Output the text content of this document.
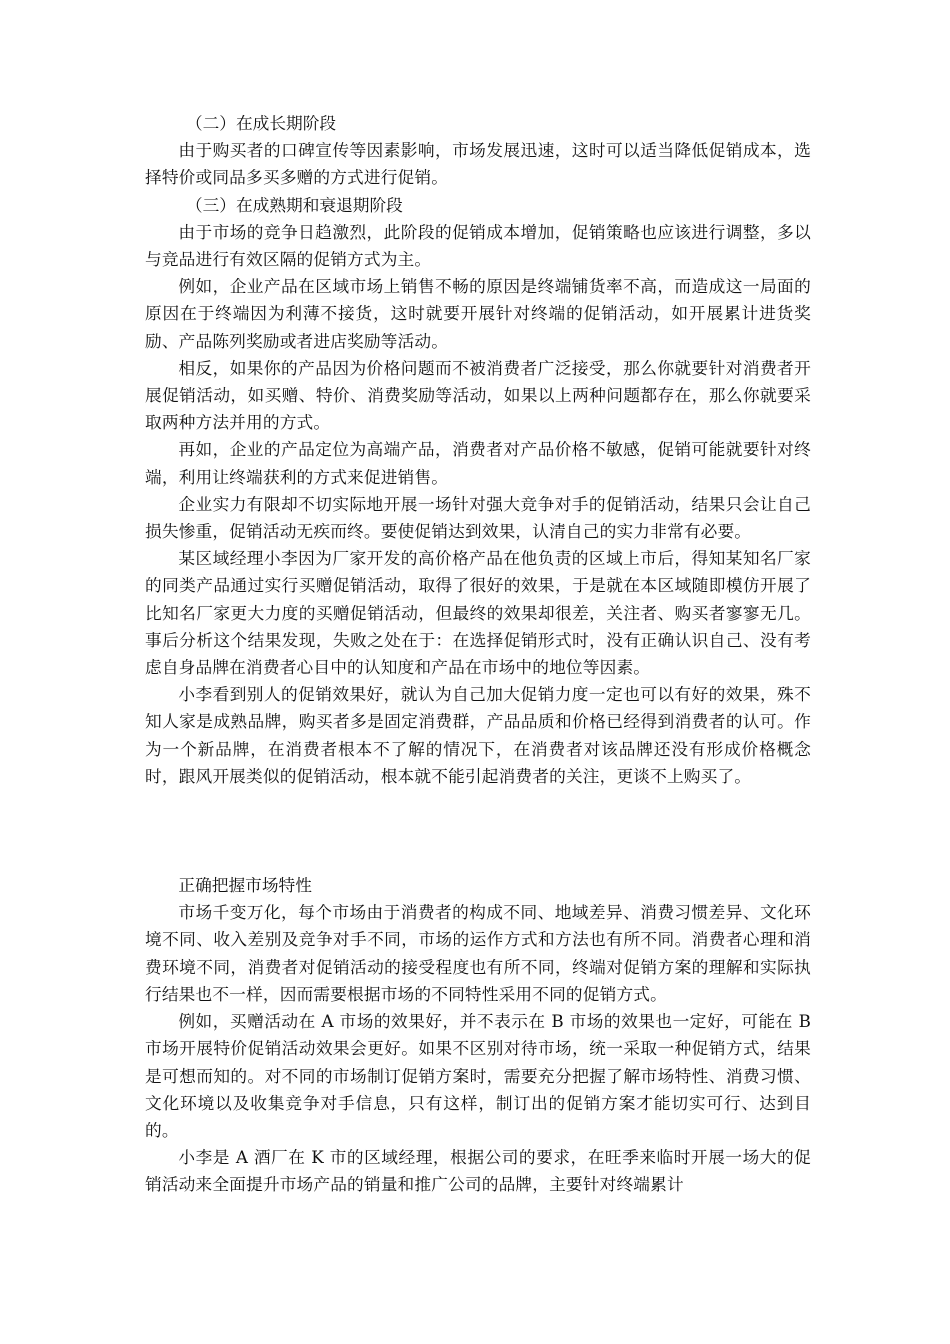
（二）在成长期阶段

由于购买者的口碑宣传等因素影响，市场发展迅速，这时可以适当降低促销成本，选择特价或同品多买多赠的方式进行促销。

（三）在成熟期和衰退期阶段

由于市场的竞争日趋激烈，此阶段的促销成本增加，促销策略也应该进行调整，多以与竞品进行有效区隔的促销方式为主。

例如，企业产品在区域市场上销售不畅的原因是终端铺货率不高，而造成这一局面的原因在于终端因为利薄不接货，这时就要开展针对终端的促销活动，如开展累计进货奖励、产品陈列奖励或者进店奖励等活动。

相反，如果你的产品因为价格问题而不被消费者广泛接受，那么你就要针对消费者开展促销活动，如买赠、特价、消费奖励等活动，如果以上两种问题都存在，那么你就要采取两种方法并用的方式。

再如，企业的产品定位为高端产品，消费者对产品价格不敏感，促销可能就要针对终端，利用让终端获利的方式来促进销售。

企业实力有限却不切实际地开展一场针对强大竞争对手的促销活动，结果只会让自己损失惨重，促销活动无疾而终。要使促销达到效果，认清自己的实力非常有必要。

某区域经理小李因为厂家开发的高价格产品在他负责的区域上市后，得知某知名厂家的同类产品通过实行买赠促销活动，取得了很好的效果，于是就在本区域随即模仿开展了比知名厂家更大力度的买赠促销活动，但最终的效果却很差，关注者、购买者寥寥无几。事后分析这个结果发现，失败之处在于：在选择促销形式时，没有正确认识自己、没有考虑自身品牌在消费者心目中的认知度和产品在市场中的地位等因素。

小李看到别人的促销效果好，就认为自己加大促销力度一定也可以有好的效果，殊不知人家是成熟品牌，购买者多是固定消费群，产品品质和价格已经得到消费者的认可。作为一个新品牌，在消费者根本不了解的情况下，在消费者对该品牌还没有形成价格概念时，跟风开展类似的促销活动，根本就不能引起消费者的关注，更谈不上购买了。

正确把握市场特性

市场千变万化，每个市场由于消费者的构成不同、地域差异、消费习惯差异、文化环境不同、收入差别及竞争对手不同，市场的运作方式和方法也有所不同。消费者心理和消费环境不同，消费者对促销活动的接受程度也有所不同，终端对促销方案的理解和实际执行结果也不一样，因而需要根据市场的不同特性采用不同的促销方式。

例如，买赠活动在 A 市场的效果好，并不表示在 B 市场的效果也一定好，可能在 B 市场开展特价促销活动效果会更好。如果不区别对待市场，统一采取一种促销方式，结果是可想而知的。对不同的市场制订促销方案时，需要充分把握了解市场特性、消费习惯、文化环境以及收集竞争对手信息，只有这样，制订出的促销方案才能切实可行、达到目的。

小李是 A 酒厂在 K 市的区域经理，根据公司的要求，在旺季来临时开展一场大的促销活动来全面提升市场产品的销量和推广公司的品牌，主要针对终端累计
